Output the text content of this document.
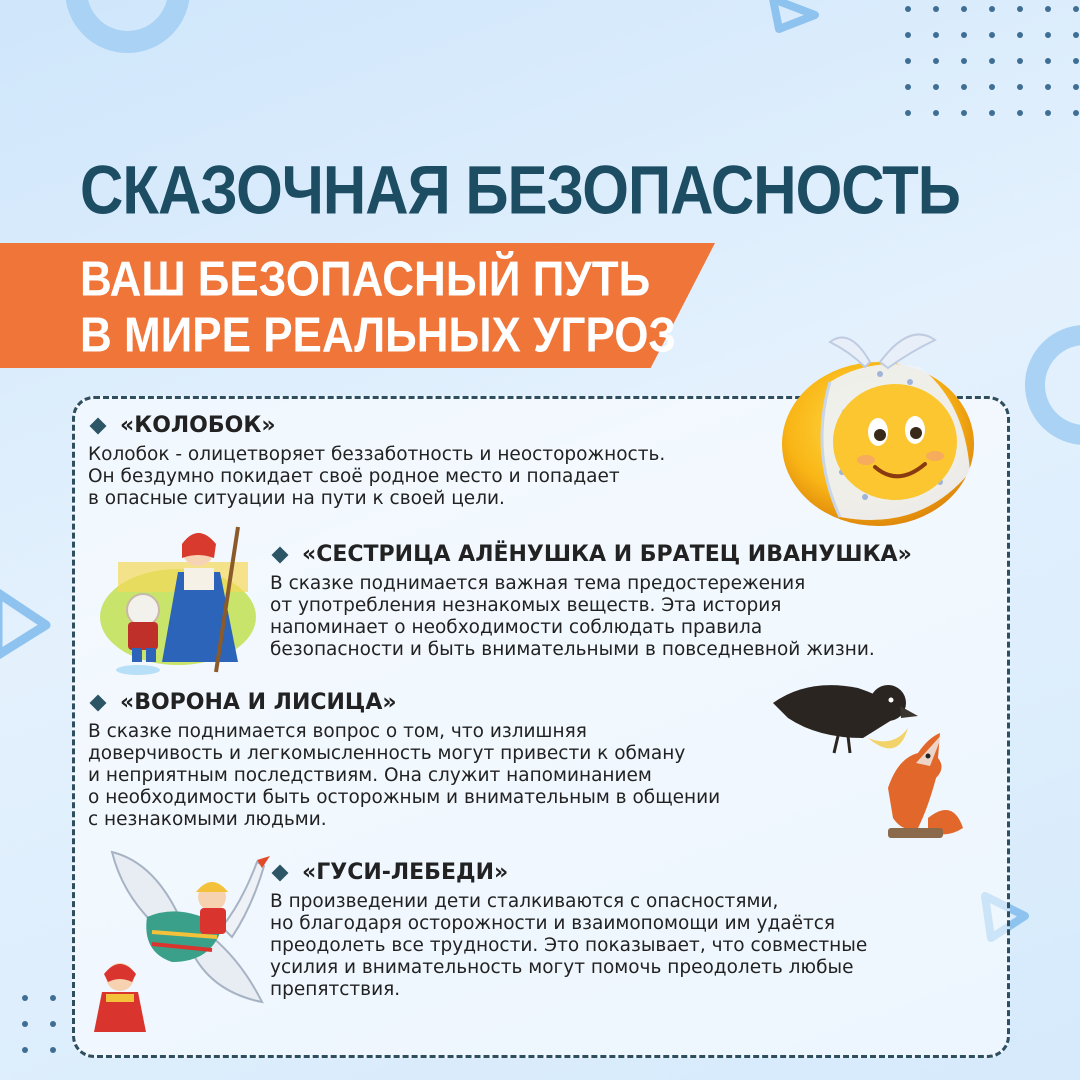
СКАЗОЧНАЯ БЕЗОПАСНОСТЬ

ВАШ БЕЗОПАСНЫЙ ПУТЬ

В МИРЕ РЕАЛЬНЫХ УГРОЗ

«КОЛОБОК»

Колобок - олицетворяет беззаботность и неосторожность.
Он бездумно покидает своё родное место и попадает
в опасные ситуации на пути к своей цели.

«СЕСТРИЦА АЛЁНУШКА И БРАТЕЦ ИВАНУШКА»

В сказке поднимается важная тема предостережения
от употребления незнакомых веществ. Эта история
напоминает о необходимости соблюдать правила
безопасности и быть внимательными в повседневной жизни.

«ВОРОНА И ЛИСИЦА»

В сказке поднимается вопрос о том, что излишняя
доверчивость и легкомысленность могут привести к обману
и неприятным последствиям. Она служит напоминанием
о необходимости быть осторожным и внимательным в общении
с незнакомыми людьми.

«ГУСИ-ЛЕБЕДИ»

В произведении дети сталкиваются с опасностями,
но благодаря осторожности и взаимопомощи им удаётся
преодолеть все трудности. Это показывает, что совместные
усилия и внимательность могут помочь преодолеть любые
препятствия.
